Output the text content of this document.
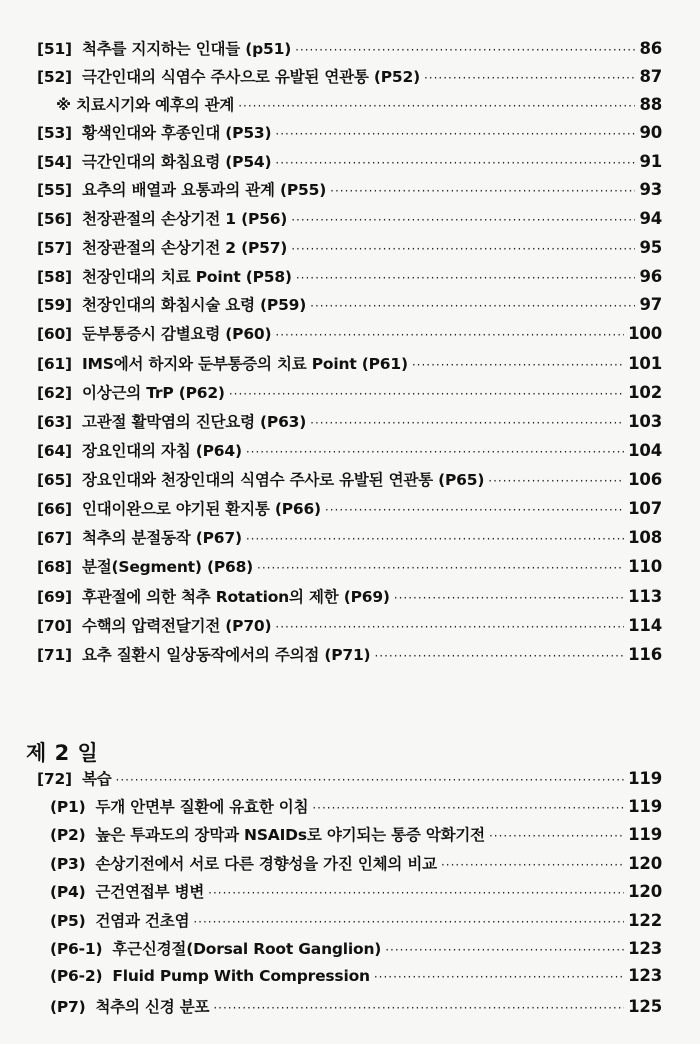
[51] 척추를 지지하는 인대들 (p51) ·····	86
[52] 극간인대의 식염수 주사으로 유발된 연관통 (P52) ·····	87
※ 치료시기와 예후의 관계 ·····	88
[53] 황색인대와 후종인대 (P53) ·····	90
[54] 극간인대의 화침요령 (P54) ·····	91
[55] 요추의 배열과 요통과의 관계 (P55) ·····	93
[56] 천장관절의 손상기전 1 (P56) ·····	94
[57] 천장관절의 손상기전 2 (P57) ·····	95
[58] 천장인대의 치료 Point (P58) ·····	96
[59] 천장인대의 화침시술 요령 (P59) ·····	97
[60] 둔부통증시 감별요령 (P60) ·····	100
[61] IMS에서 하지와 둔부통증의 치료 Point (P61) ·····	101
[62] 이상근의 TrP (P62) ·····	102
[63] 고관절 활막염의 진단요령 (P63) ·····	103
[64] 장요인대의 자침 (P64) ·····	104
[65] 장요인대와 천장인대의 식염수 주사로 유발된 연관통 (P65) ·····	106
[66] 인대이완으로 야기된 환지통 (P66) ·····	107
[67] 척추의 분절동작 (P67) ·····	108
[68] 분절(Segment) (P68) ·····	110
[69] 후관절에 의한 척추 Rotation의 제한 (P69) ·····	113
[70] 수핵의 압력전달기전 (P70) ·····	114
[71] 요추 질환시 일상동작에서의 주의점 (P71) ·····	116
제 2 일
[72] 복습 ·····	119
(P1) 두개 안면부 질환에 유효한 이침 ·····	119
(P2) 높은 투과도의 장막과 NSAIDs로 야기되는 통증 악화기전 ·····	119
(P3) 손상기전에서 서로 다른 경향성을 가진 인체의 비교 ·····	120
(P4) 근건연접부 병변 ·····	120
(P5) 건염과 건초염 ·····	122
(P6-1) 후근신경절(Dorsal Root Ganglion) ·····	123
(P6-2) Fluid Pump With Compression ·····	123
(P7) 척추의 신경 분포 ·····	125
